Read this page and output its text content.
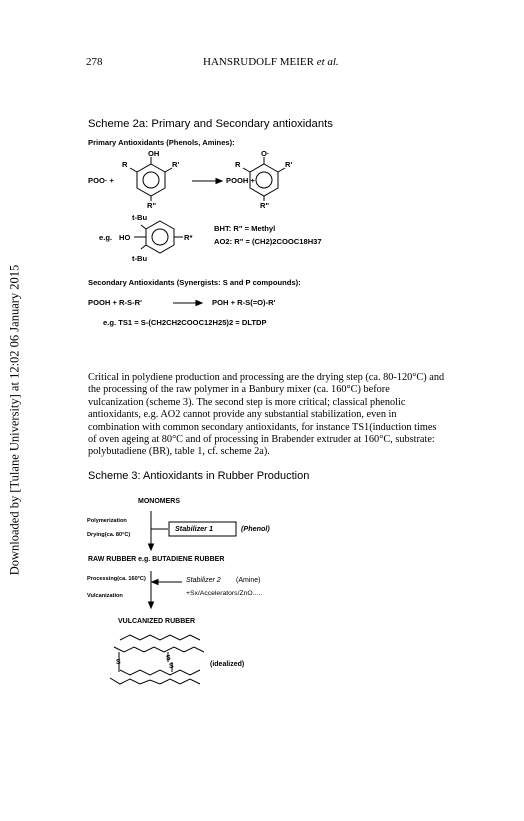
Downloaded by [Tulane University] at 12:02 06 January 2015
278	HANSRUDOLF MEIER et al.
Scheme 2a: Primary and Secondary antioxidants
Primary Antioxidants (Phenols, Amines):
OH
R	R'
POO· +
R"
POOH +
O·
R	R'
R"
t-Bu
e.g. HO	R*
t-Bu
BHT: R" = Methyl
AO2: R" = (CH2)2COOC18H37
Secondary Antioxidants (Synergists: S and P compounds):
POOH + R-S-R'	POH + R-S(=O)-R'
e.g. TS1 = S-(CH2CH2COOC12H25)2 = DLTDP
Critical in polydiene production and processing are the drying step (ca. 80-120°C) and
the processing of the raw polymer in a Banbury mixer (ca. 160°C) before
vulcanization (scheme 3). The second step is more critical; classical phenolic
antioxidants, e.g. AO2 cannot provide any substantial stabilization, even in
combination with common secondary antioxidants, for instance TS1(induction times
of oven ageing at 80°C and of processing in Brabender extruder at 160°C, substrate:
polybutadiene (BR), table 1, cf. scheme 2a).
Scheme 3: Antioxidants in Rubber Production
MONOMERS
Polymerization
Drying(ca. 80°C)
Stabilizer 1	(Phenol)
RAW RUBBER e.g. BUTADIENE RUBBER
Processing(ca. 160°C)
Vulcanization
Stabilizer 2 (Amine)
+Sx/Accelerators/ZnO.....
VULCANIZED RUBBER
S
S
S	(idealized)
